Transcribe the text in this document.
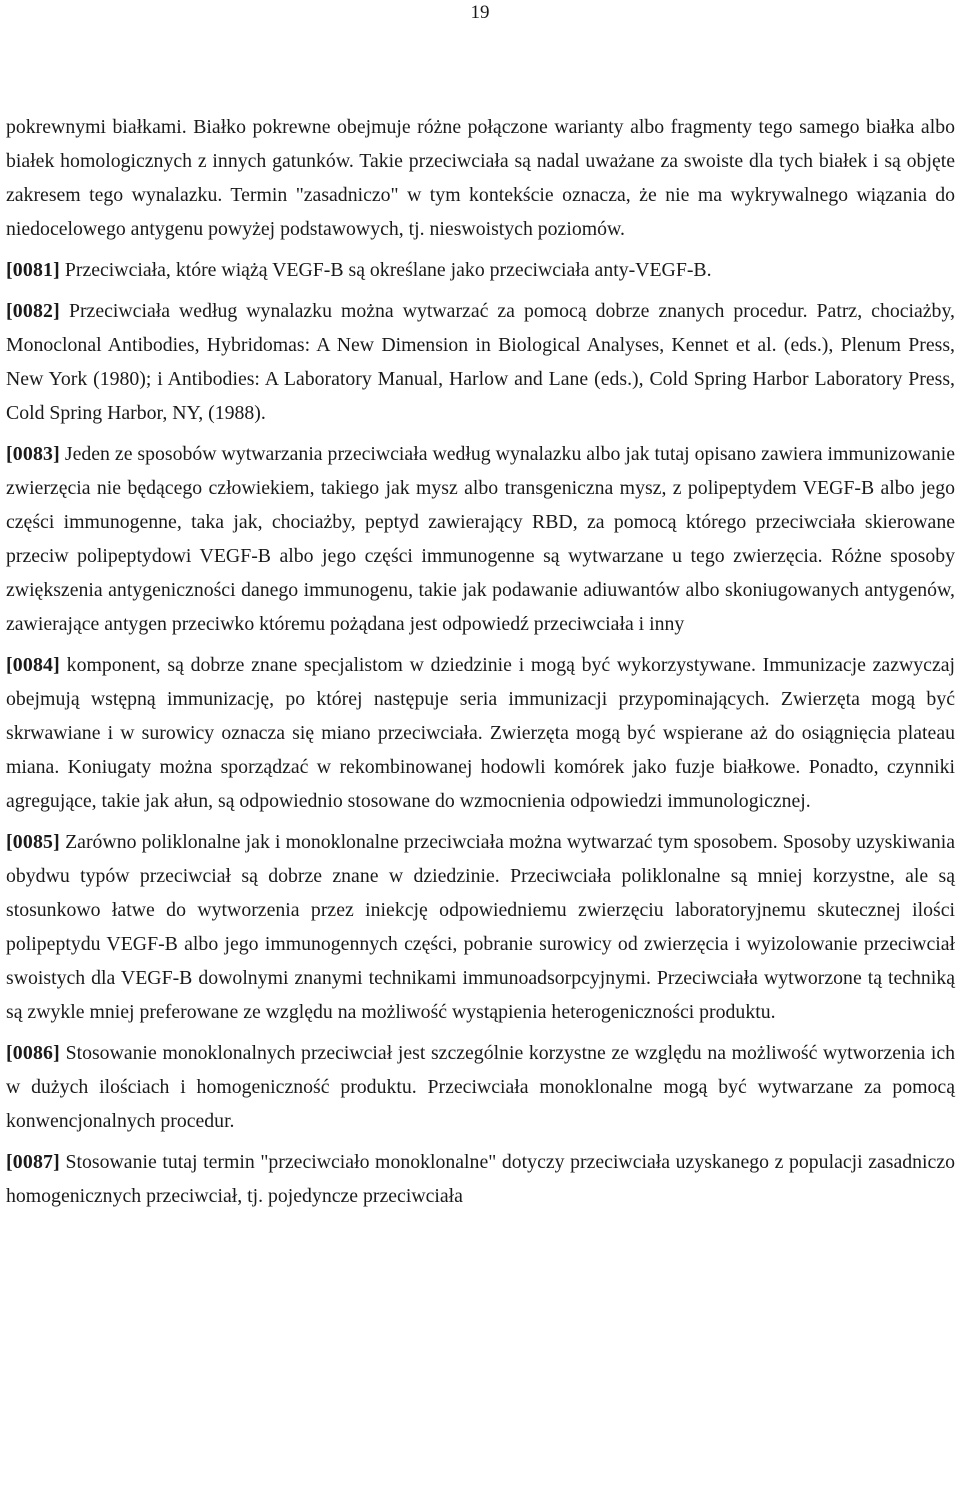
19

pokrewnymi białkami. Białko pokrewne obejmuje różne połączone warianty albo fragmenty tego samego białka albo białek homologicznych z innych gatunków. Takie przeciwciała są nadal uważane za swoiste dla tych białek i są objęte zakresem tego wynalazku. Termin "zasadniczo" w tym kontekście oznacza, że nie ma wykrywalnego wiązania do niedocelowego antygenu powyżej podstawowych, tj. nieswoistych poziomów.

[0081] Przeciwciała, które wiążą VEGF-B są określane jako przeciwciała anty-VEGF-B.

[0082] Przeciwciała według wynalazku można wytwarzać za pomocą dobrze znanych procedur. Patrz, chociażby, Monoclonal Antibodies, Hybridomas: A New Dimension in Biological Analyses, Kennet et al. (eds.), Plenum Press, New York (1980); i Antibodies: A Laboratory Manual, Harlow and Lane (eds.), Cold Spring Harbor Laboratory Press, Cold Spring Harbor, NY, (1988).

[0083] Jeden ze sposobów wytwarzania przeciwciała według wynalazku albo jak tutaj opisano zawiera immunizowanie zwierzęcia nie będącego człowiekiem, takiego jak mysz albo transgeniczna mysz, z polipeptydem VEGF-B albo jego części immunogenne, taka jak, chociażby, peptyd zawierający RBD, za pomocą którego przeciwciała skierowane przeciw polipeptydowi VEGF-B albo jego części immunogenne są wytwarzane u tego zwierzęcia. Różne sposoby zwiększenia antygeniczności danego immunogenu, takie jak podawanie adiuwantów albo skoniugowanych antygenów, zawierające antygen przeciwko któremu pożądana jest odpowiedź przeciwciała i inny

[0084] komponent, są dobrze znane specjalistom w dziedzinie i mogą być wykorzystywane. Immunizacje zazwyczaj obejmują wstępną immunizację, po której następuje seria immunizacji przypominających. Zwierzęta mogą być skrwawiane i w surowicy oznacza się miano przeciwciała. Zwierzęta mogą być wspierane aż do osiągnięcia plateau miana. Koniugaty można sporządzać w rekombinowanej hodowli komórek jako fuzje białkowe. Ponadto, czynniki agregujące, takie jak ałun, są odpowiednio stosowane do wzmocnienia odpowiedzi immunologicznej.

[0085] Zarówno poliklonalne jak i monoklonalne przeciwciała można wytwarzać tym sposobem. Sposoby uzyskiwania obydwu typów przeciwciał są dobrze znane w dziedzinie. Przeciwciała poliklonalne są mniej korzystne, ale są stosunkowo łatwe do wytworzenia przez iniekcję odpowiedniemu zwierzęciu laboratoryjnemu skutecznej ilości polipeptydu VEGF-B albo jego immunogennych części, pobranie surowicy od zwierzęcia i wyizolowanie przeciwciał swoistych dla VEGF-B dowolnymi znanymi technikami immunoadsorpcyjnymi. Przeciwciała wytworzone tą techniką są zwykle mniej preferowane ze względu na możliwość wystąpienia heterogeniczności produktu.

[0086] Stosowanie monoklonalnych przeciwciał jest szczególnie korzystne ze względu na możliwość wytworzenia ich w dużych ilościach i homogeniczność produktu. Przeciwciała monoklonalne mogą być wytwarzane za pomocą konwencjonalnych procedur.

[0087] Stosowanie tutaj termin "przeciwciało monoklonalne" dotyczy przeciwciała uzyskanego z populacji zasadniczo homogenicznych przeciwciał, tj. pojedyncze przeciwciała
